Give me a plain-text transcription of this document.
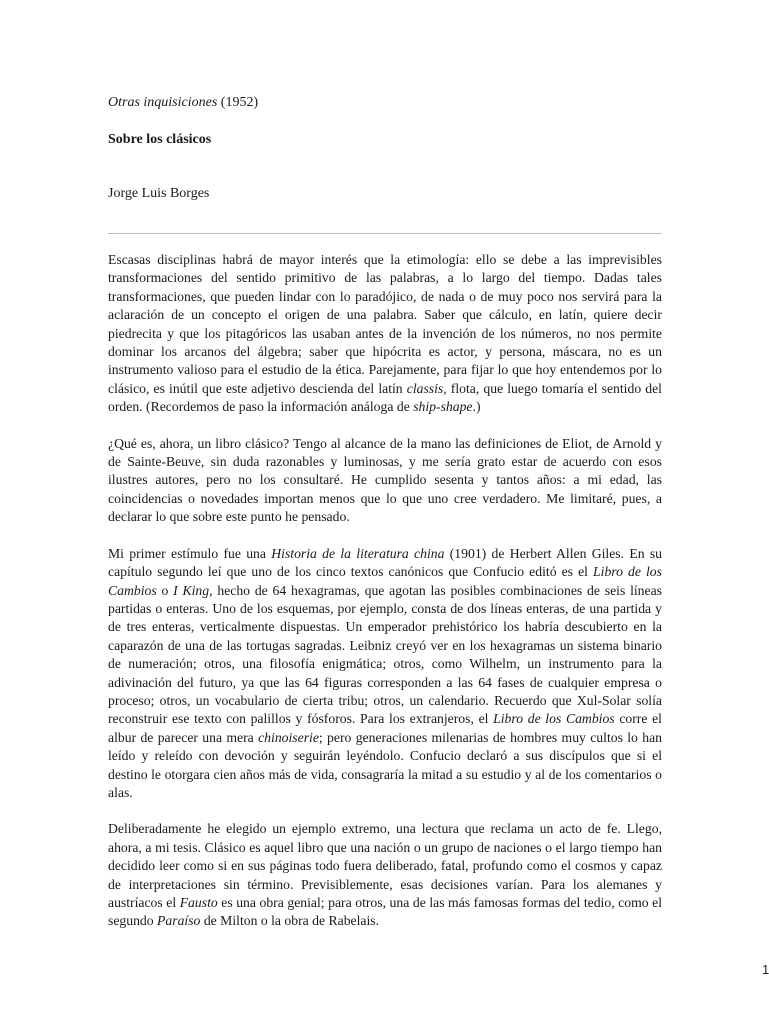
Otras inquisiciones (1952)
Sobre los clásicos
Jorge Luis Borges

Escasas disciplinas habrá de mayor interés que la etimología: ello se debe a las imprevisibles transformaciones del sentido primitivo de las palabras, a lo largo del tiempo. Dadas tales transformaciones, que pueden lindar con lo paradójico, de nada o de muy poco nos servirá para la aclaración de un concepto el origen de una palabra. Saber que cálculo, en latín, quiere decir piedrecita y que los pitagóricos las usaban antes de la invención de los números, no nos permite dominar los arcanos del álgebra; saber que hipócrita es actor, y persona, máscara, no es un instrumento valioso para el estudio de la ética. Parejamente, para fijar lo que hoy entendemos por lo clásico, es inútil que este adjetivo descienda del latín classis, flota, que luego tomaría el sentido del orden. (Recordemos de paso la información análoga de ship-shape.)

¿Qué es, ahora, un libro clásico? Tengo al alcance de la mano las definiciones de Eliot, de Arnold y de Sainte-Beuve, sin duda razonables y luminosas, y me sería grato estar de acuerdo con esos ilustres autores, pero no los consultaré. He cumplido sesenta y tantos años: a mi edad, las coincidencias o novedades importan menos que lo que uno cree verdadero. Me limitaré, pues, a declarar lo que sobre este punto he pensado.

Mi primer estímulo fue una Historia de la literatura china (1901) de Herbert Allen Giles. En su capítulo segundo leí que uno de los cinco textos canónicos que Confucio editó es el Libro de los Cambios o I King, hecho de 64 hexagramas, que agotan las posibles combinaciones de seis líneas partidas o enteras. Uno de los esquemas, por ejemplo, consta de dos líneas enteras, de una partida y de tres enteras, verticalmente dispuestas. Un emperador prehistórico los habría descubierto en la caparazón de una de las tortugas sagradas. Leibniz creyó ver en los hexagramas un sistema binario de numeración; otros, una filosofía enigmática; otros, como Wilhelm, un instrumento para la adivinación del futuro, ya que las 64 figuras corresponden a las 64 fases de cualquier empresa o proceso; otros, un vocabulario de cierta tribu; otros, un calendario. Recuerdo que Xul-Solar solía reconstruir ese texto con palillos y fósforos. Para los extranjeros, el Libro de los Cambios corre el albur de parecer una mera chinoiserie; pero generaciones milenarias de hombres muy cultos lo han leído y releído con devoción y seguirán leyéndolo. Confucio declaró a sus discípulos que si el destino le otorgara cien años más de vida, consagraría la mitad a su estudio y al de los comentarios o alas.

Deliberadamente he elegido un ejemplo extremo, una lectura que reclama un acto de fe. Llego, ahora, a mi tesis. Clásico es aquel libro que una nación o un grupo de naciones o el largo tiempo han decidido leer como si en sus páginas todo fuera deliberado, fatal, profundo como el cosmos y capaz de interpretaciones sin término. Previsiblemente, esas decisiones varían. Para los alemanes y austríacos el Fausto es una obra genial; para otros, una de las más famosas formas del tedio, como el segundo Paraíso de Milton o la obra de Rabelais.

1
